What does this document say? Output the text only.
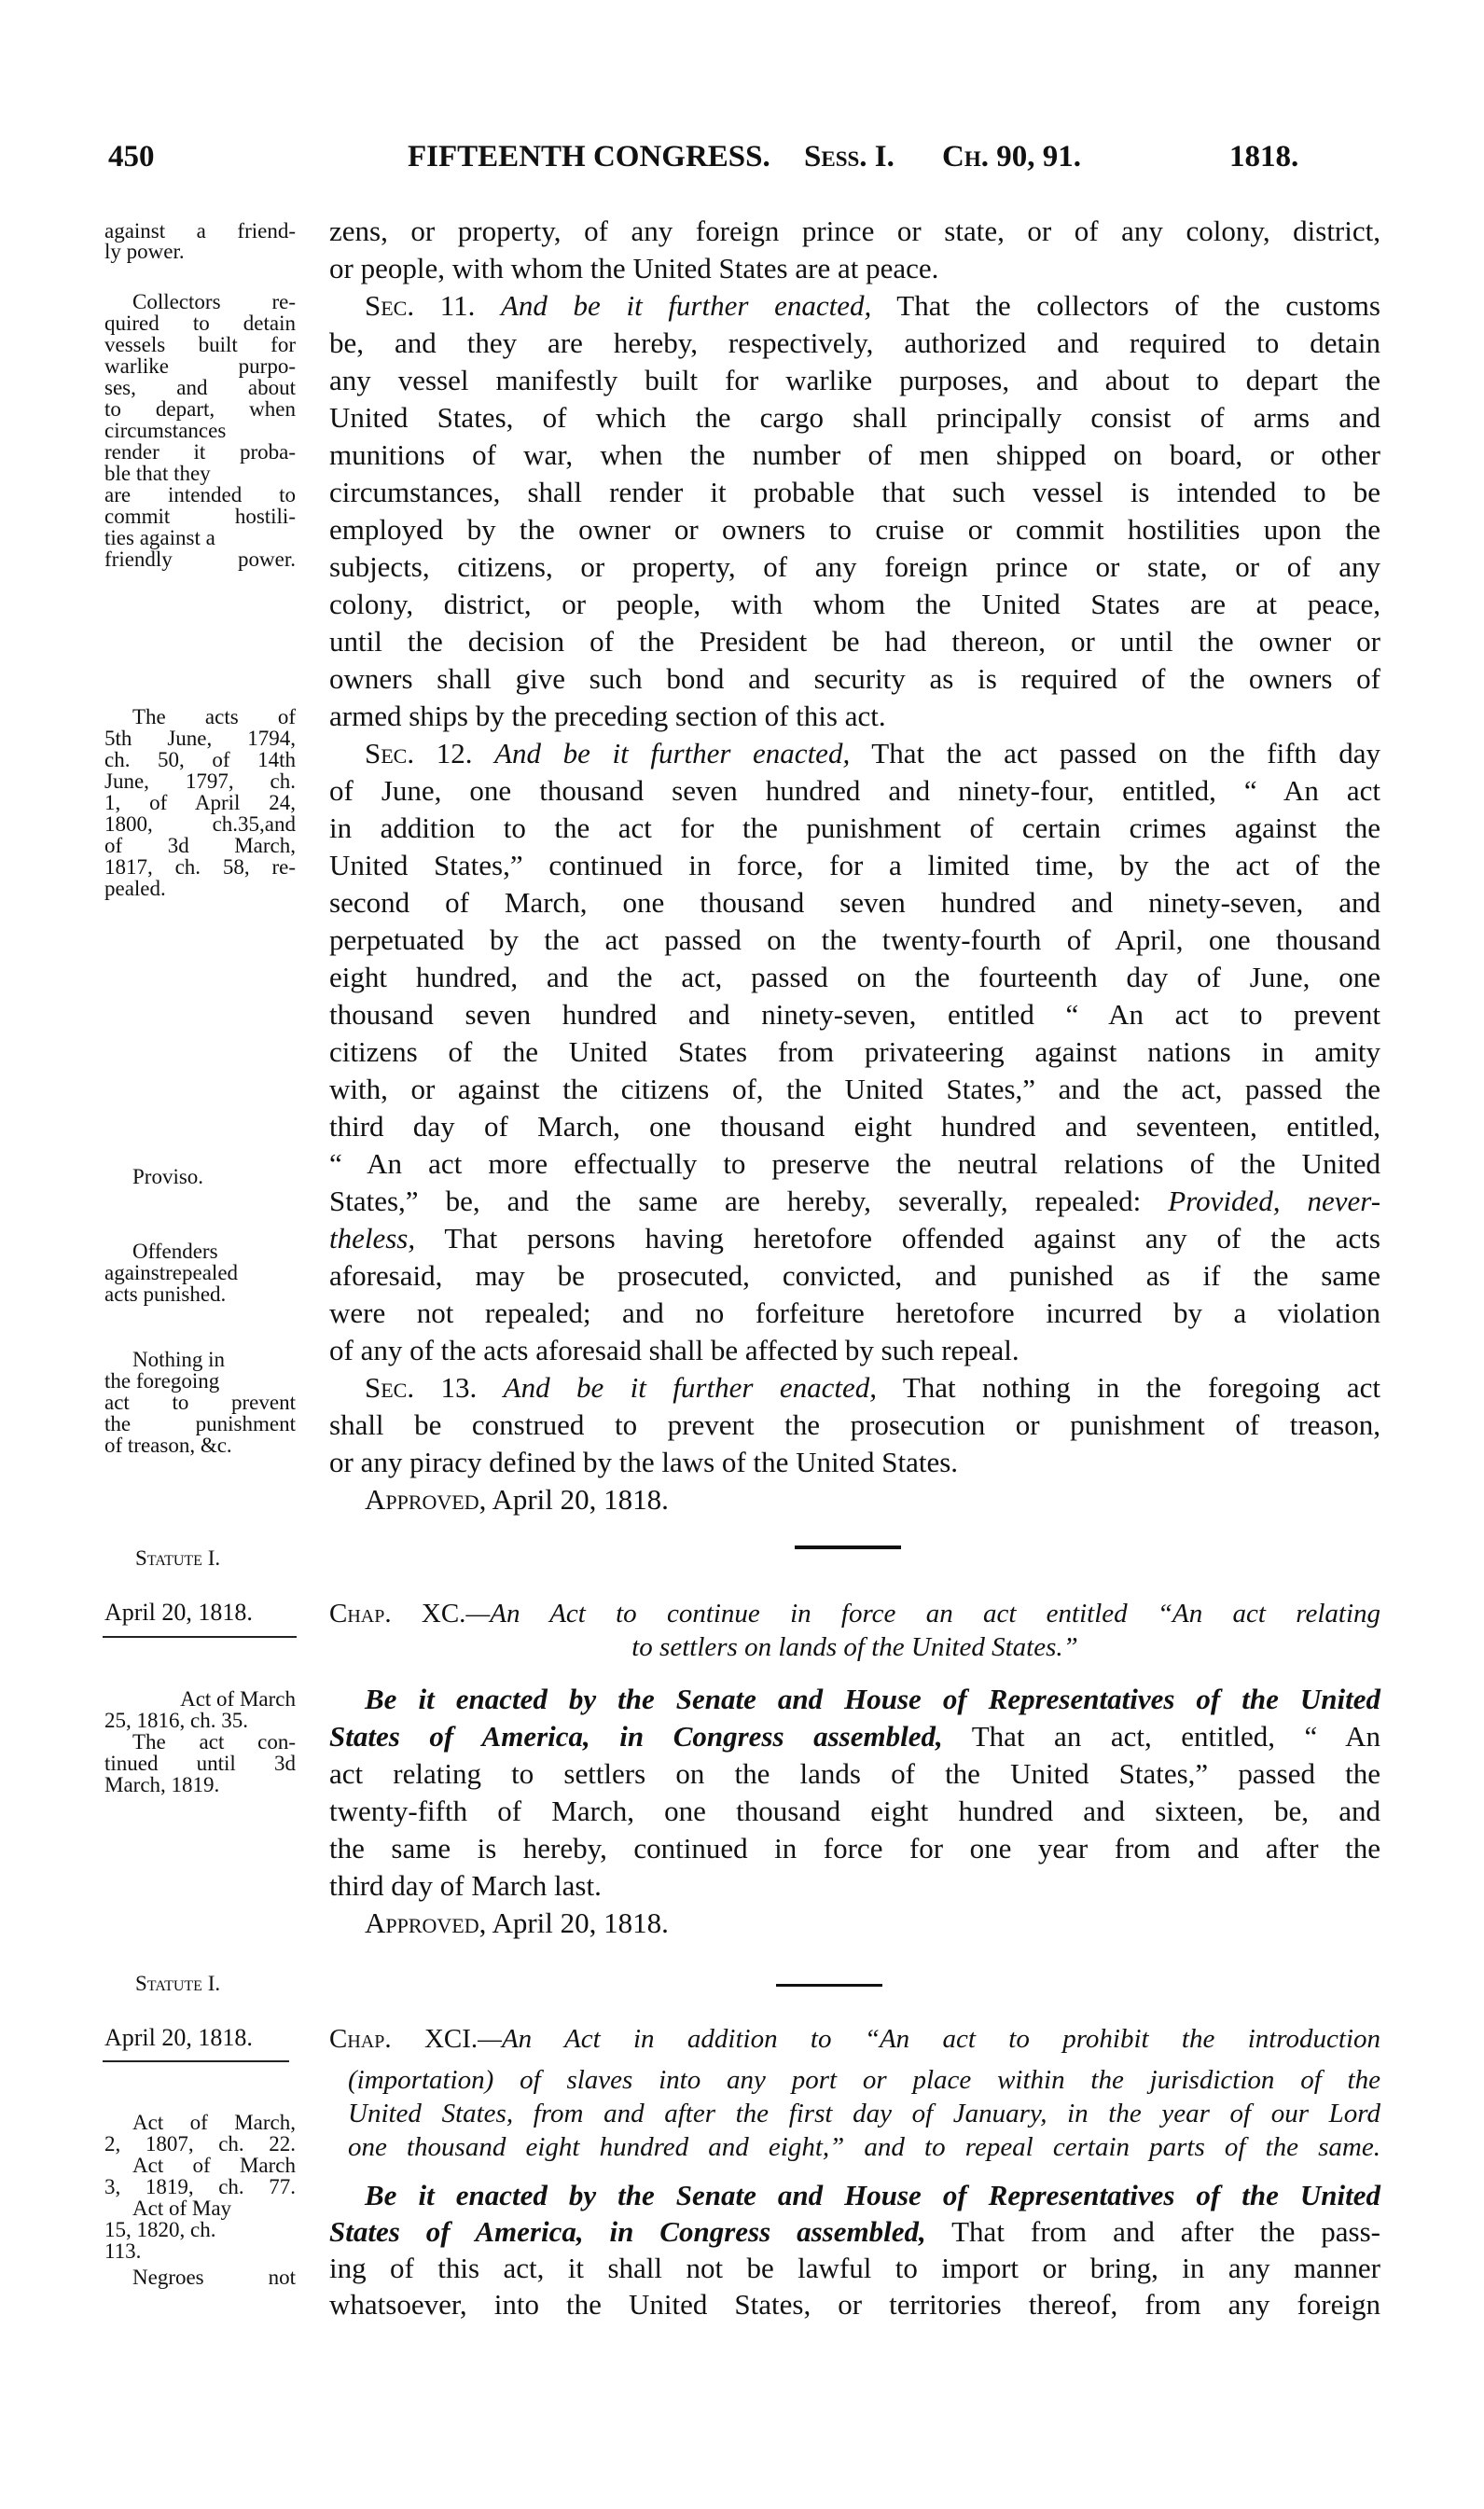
450	FIFTEENTH CONGRESS. Sess. I. Ch. 90, 91.	1818.
against a friend-
ly power.
Collectors re-
quired to detain
vessels built for
warlike purpo-
ses, and about
to depart, when
circumstances
render it proba-
ble that they
are intended to
commit hostili-
ties against a
friendly power.
The acts of
5th June, 1794,
ch. 50, of 14th
June, 1797, ch.
1, of April 24,
1800, ch.35,and
of 3d March,
1817, ch. 58, re-
pealed.
Proviso.
Offenders
againstrepealed
acts punished.
Nothing in
the foregoing
act to prevent
the punishment
of treason, &c.
zens, or property, of any foreign prince or state, or of any colony, district,
or people, with whom the United States are at peace.
Sec. 11. And be it further enacted, That the collectors of the customs
be, and they are hereby, respectively, authorized and required to detain
any vessel manifestly built for warlike purposes, and about to depart the
United States, of which the cargo shall principally consist of arms and
munitions of war, when the number of men shipped on board, or other
circumstances, shall render it probable that such vessel is intended to be
employed by the owner or owners to cruise or commit hostilities upon the
subjects, citizens, or property, of any foreign prince or state, or of any
colony, district, or people, with whom the United States are at peace,
until the decision of the President be had thereon, or until the owner or
owners shall give such bond and security as is required of the owners of
armed ships by the preceding section of this act.
Sec. 12. And be it further enacted, That the act passed on the fifth day
of June, one thousand seven hundred and ninety-four, entitled, “ An act
in addition to the act for the punishment of certain crimes against the
United States,” continued in force, for a limited time, by the act of the
second of March, one thousand seven hundred and ninety-seven, and
perpetuated by the act passed on the twenty-fourth of April, one thousand
eight hundred, and the act, passed on the fourteenth day of June, one
thousand seven hundred and ninety-seven, entitled “ An act to prevent
citizens of the United States from privateering against nations in amity
with, or against the citizens of, the United States,” and the act, passed the
third day of March, one thousand eight hundred and seventeen, entitled,
“ An act more effectually to preserve the neutral relations of the United
States,” be, and the same are hereby, severally, repealed: Provided, never-
theless, That persons having heretofore offended against any of the acts
aforesaid, may be prosecuted, convicted, and punished as if the same
were not repealed; and no forfeiture heretofore incurred by a violation
of any of the acts aforesaid shall be affected by such repeal.
Sec. 13. And be it further enacted, That nothing in the foregoing act
shall be construed to prevent the prosecution or punishment of treason,
or any piracy defined by the laws of the United States.
Approved, April 20, 1818.
Statute I.
April 20, 1818.	Chap. XC.—An Act to continue in force an act entitled “An act relating
to settlers on lands of the United States.”
Be it enacted by the Senate and House of Representatives of the United
States of America, in Congress assembled, That an act, entitled, “ An
act relating to settlers on the lands of the United States,” passed the
twenty-fifth of March, one thousand eight hundred and sixteen, be, and
the same is hereby, continued in force for one year from and after the
third day of March last.
Approved, April 20, 1818.
Act of March
25, 1816, ch. 35.
The act con-
tinued until 3d
March, 1819.
Statute I.
April 20, 1818.	Chap. XCI.—An Act in addition to “An act to prohibit the introduction
(importation) of slaves into any port or place within the jurisdiction of the
United States, from and after the first day of January, in the year of our Lord
one thousand eight hundred and eight,” and to repeal certain parts of the same.
Be it enacted by the Senate and House of Representatives of the United
States of America, in Congress assembled, That from and after the pass-
ing of this act, it shall not be lawful to import or bring, in any manner
whatsoever, into the United States, or territories thereof, from any foreign
Act of March,
2, 1807, ch. 22.
Act of March
3, 1819, ch. 77.
Act of May
15, 1820, ch.
113.
Negroes not
